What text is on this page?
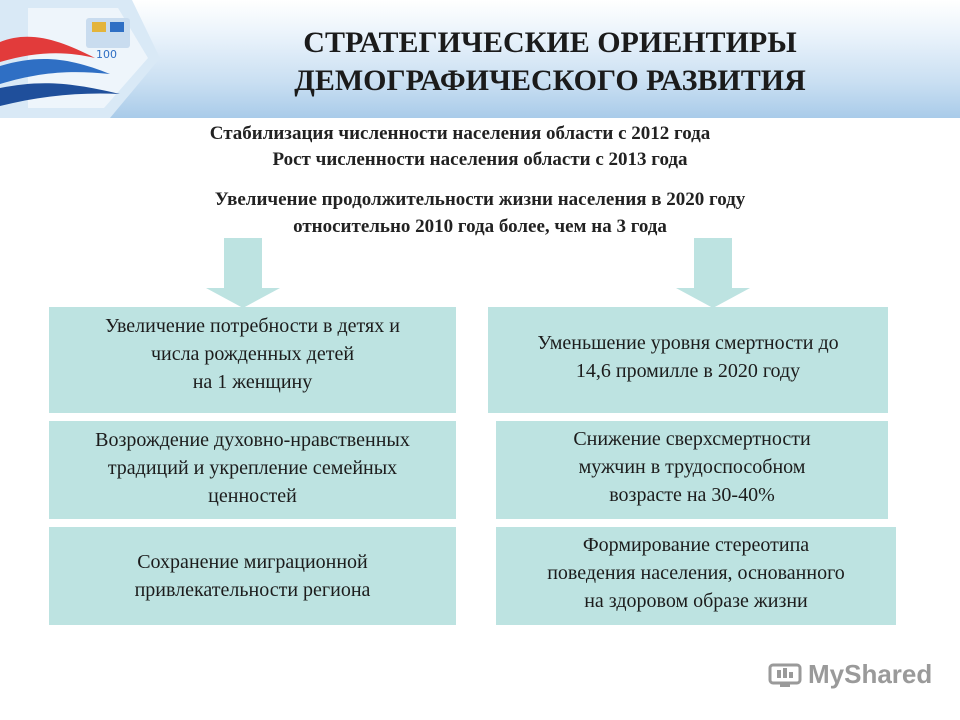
100	СТРАТЕГИЧЕСКИЕ ОРИЕНТИРЫ
ДЕМОГРАФИЧЕСКОГО РАЗВИТИЯ
Стабилизация численности населения области с 2012 года
Рост численности населения области с 2013 года
Увеличение продолжительности жизни населения в 2020 году
относительно 2010 года более, чем на 3 года
Увеличение потребности в детях и
числа рожденных детей
на 1 женщину
Возрождение духовно-нравственных
традиций и укрепление семейных
ценностей
Сохранение миграционной
привлекательности региона
Уменьшение уровня смертности до
14,6 промилле в 2020 году
Снижение сверхсмертности
мужчин в трудоспособном
возрасте на 30-40%
Формирование стереотипа
поведения населения, основанного
на здоровом образе жизни
MyShared
